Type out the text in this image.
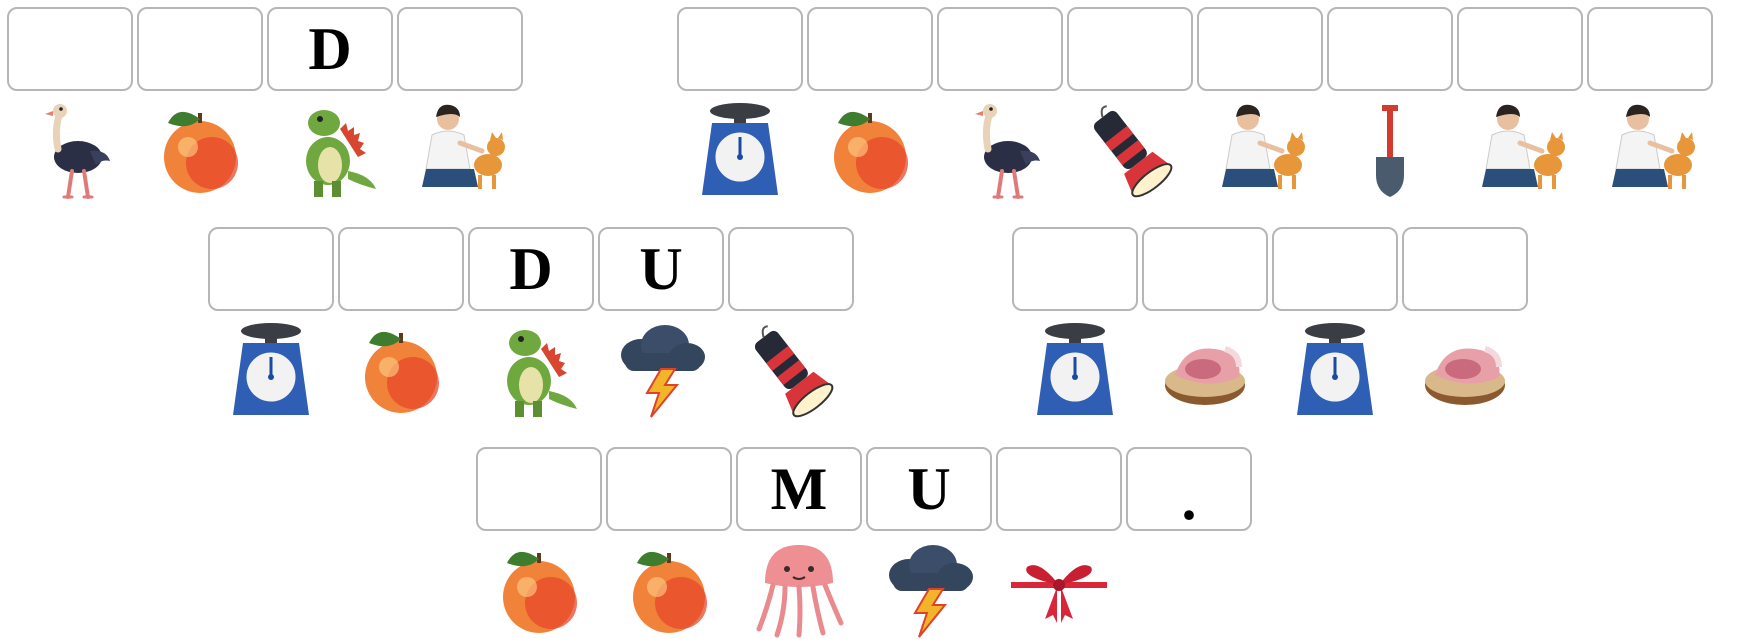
D
D	U
M	U	.
